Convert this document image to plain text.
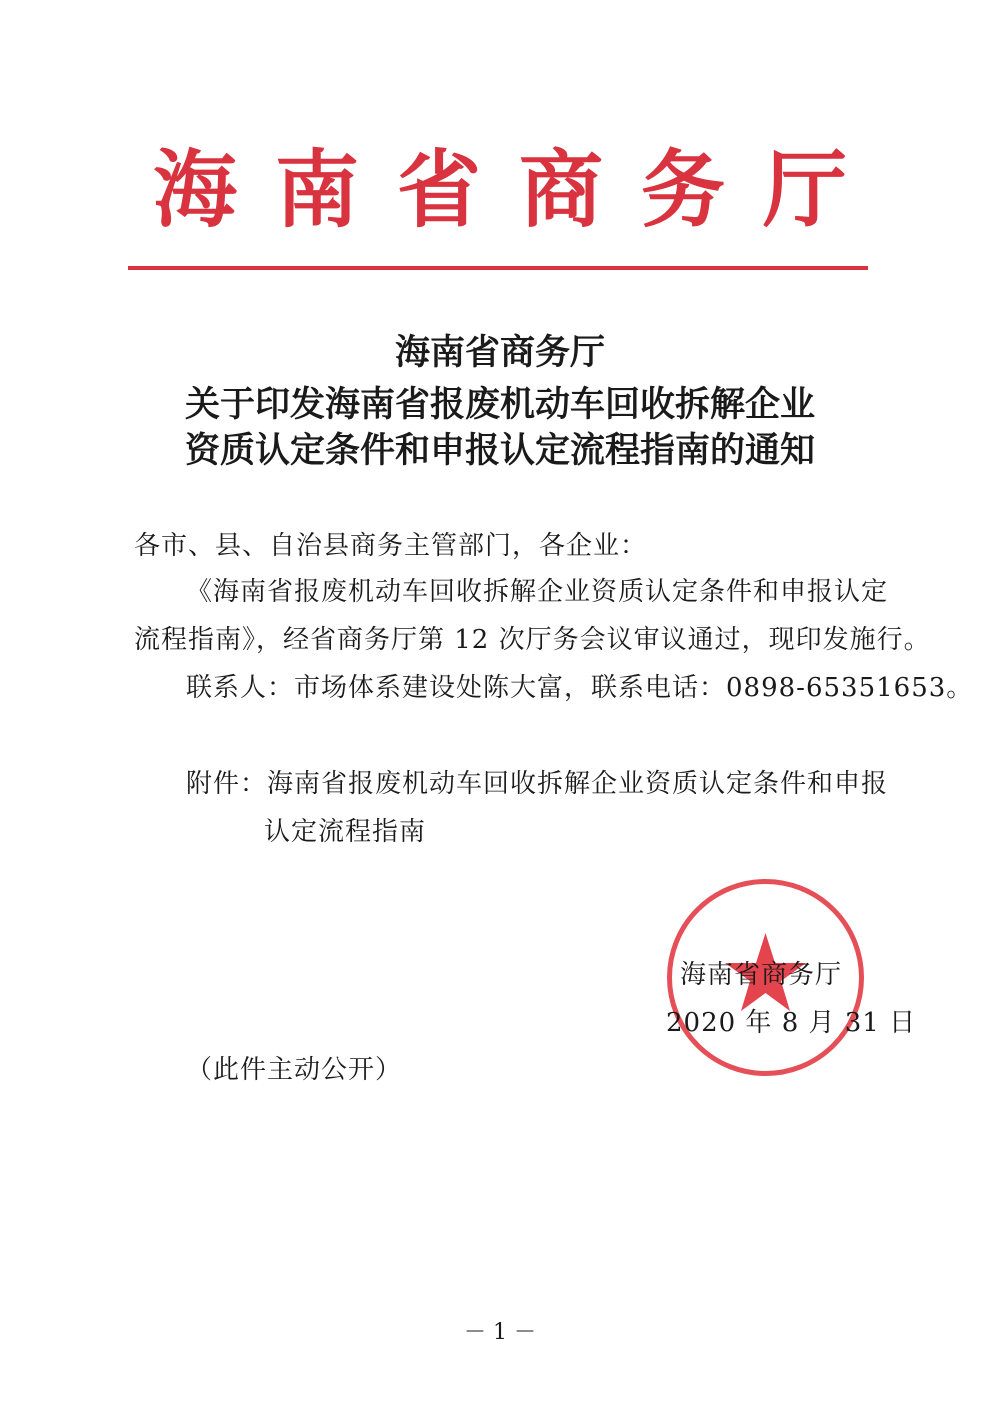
海南省商务厅
海南省商务厅
关于印发海南省报废机动车回收拆解企业
资质认定条件和申报认定流程指南的通知
各市、县、自治县商务主管部门，各企业：
《海南省报废机动车回收拆解企业资质认定条件和申报认定
流程指南》，经省商务厅第 12 次厅务会议审议通过，现印发施行。
联系人：市场体系建设处陈大富，联系电话：0898-65351653。
附件：海南省报废机动车回收拆解企业资质认定条件和申报
认定流程指南
海南省商务厅
2020 年 8 月 31 日
（此件主动公开）
－ 1 －
